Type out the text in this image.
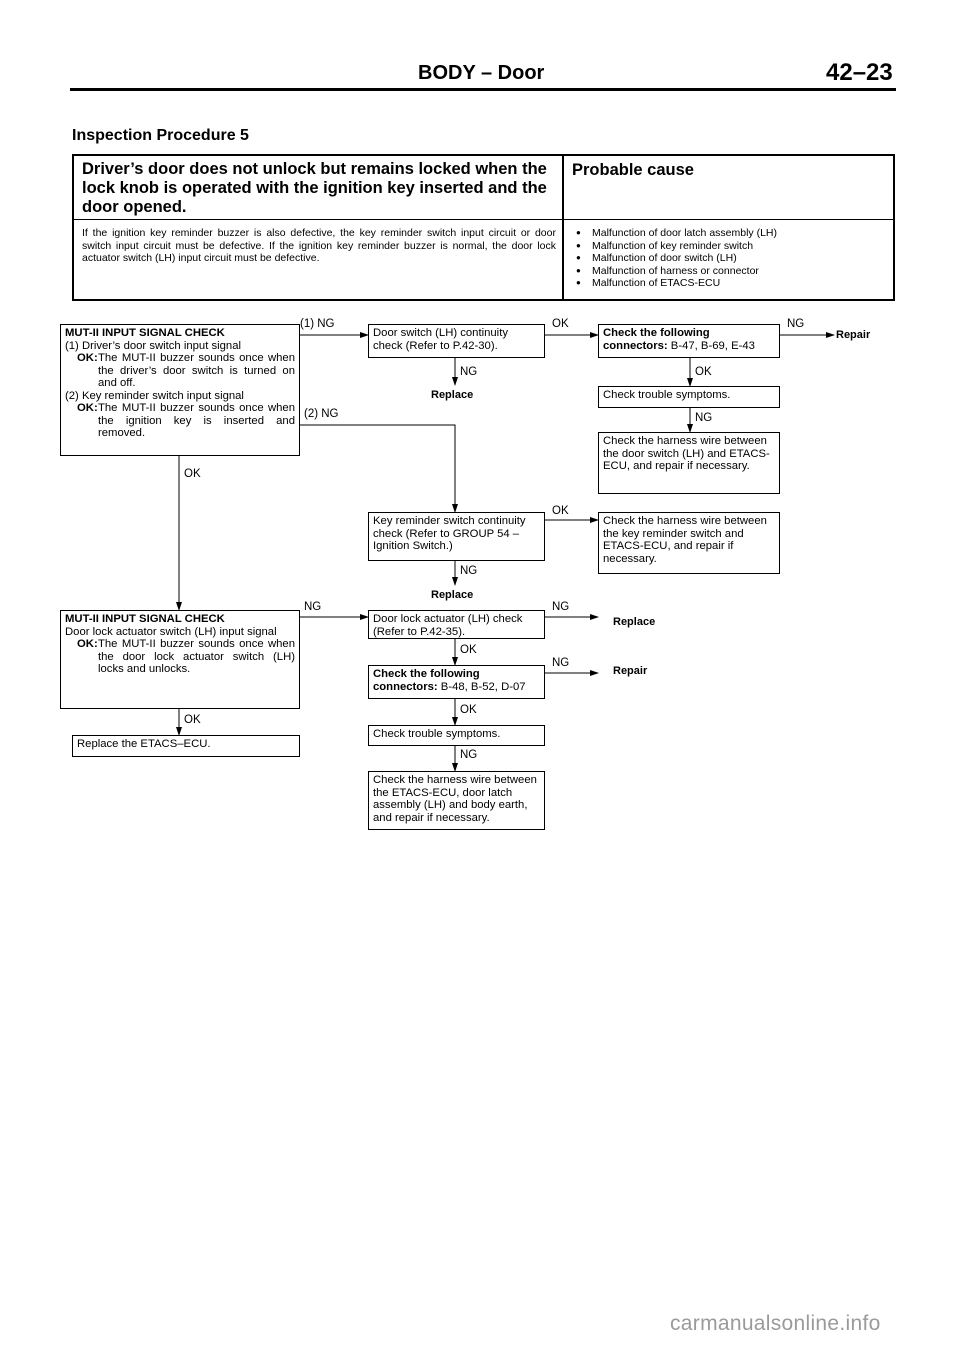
BODY – Door	42–23
Inspection Procedure 5
Driver’s door does not unlock but remains locked when the lock knob is operated with the ignition key inserted and the door opened.
Probable cause
If the ignition key reminder buzzer is also defective, the key reminder switch input circuit or door switch input circuit must be defective. If the ignition key reminder buzzer is normal, the door lock actuator switch (LH) input circuit must be defective.
● Malfunction of door latch assembly (LH)
● Malfunction of key reminder switch
● Malfunction of door switch (LH)
● Malfunction of harness or connector
● Malfunction of ETACS-ECU
MUT-II INPUT SIGNAL CHECK
(1) Driver’s door switch input signal
OK: The MUT-II buzzer sounds once when the driver’s door switch is turned on and off.
(2) Key reminder switch input signal
OK: The MUT-II buzzer sounds once when the ignition key is inserted and removed.
Door switch (LH) continuity check (Refer to P.42-30).
Check the following connectors: B-47, B-69, E-43
Check trouble symptoms.
Check the harness wire between the door switch (LH) and ETACS-ECU, and repair if necessary.
Key reminder switch continuity check (Refer to GROUP 54 – Ignition Switch.)
Check the harness wire between the key reminder switch and ETACS-ECU, and repair if necessary.
MUT-II INPUT SIGNAL CHECK
Door lock actuator switch (LH) input signal
OK: The MUT-II buzzer sounds once when the door lock actuator switch (LH) locks and unlocks.
Replace the ETACS–ECU.
Door lock actuator (LH) check (Refer to P.42-35).
Check the following connectors: B-48, B-52, D-07
Check trouble symptoms.
Check the harness wire between the ETACS-ECU, door latch assembly (LH) and body earth, and repair if necessary.
(1) NG
(2) NG
OK
OK
NG
NG
OK
NG
OK
NG
NG	NG
OK
NG
OK
NG
OK
Repair
Replace
Replace
Replace
Repair
carmanualsonline.info
